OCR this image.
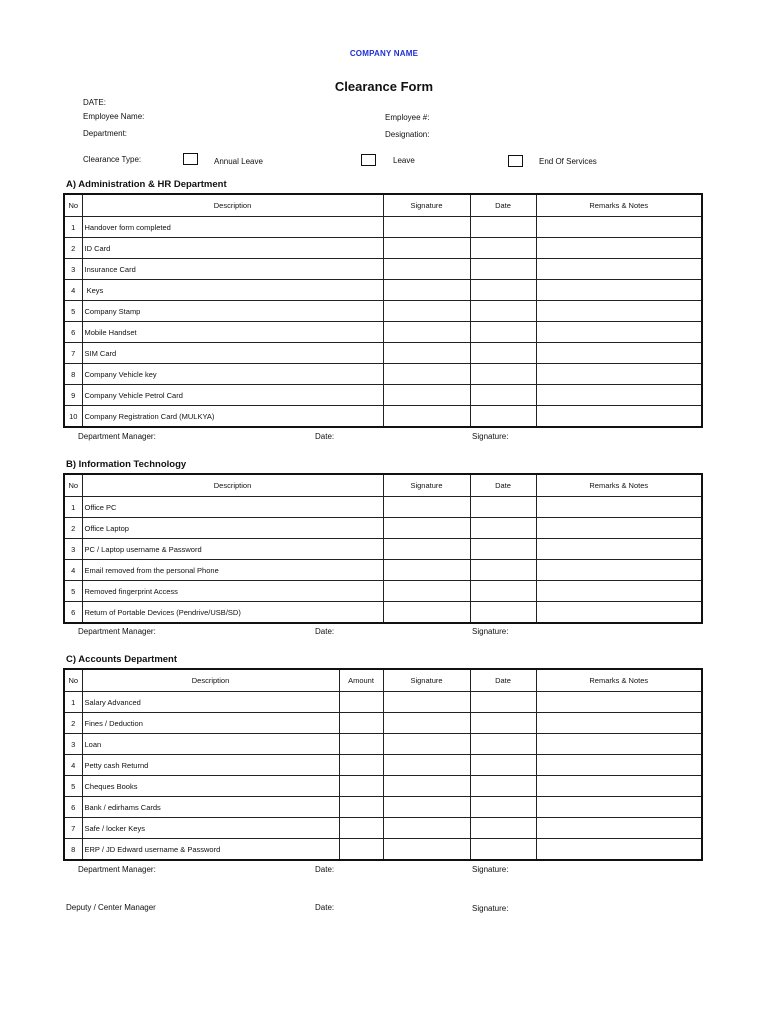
COMPANY NAME
Clearance Form
DATE:
Employee Name:	Employee #:
Department:	Designation:
Clearance Type:	Annual Leave	Leave	End Of Services
A) Administration & HR Department
No	Description	Signature	Date	Remarks & Notes
1	Handover form completed			
2	ID Card			
3	Insurance Card			
4	Keys			
5	Company Stamp			
6	Mobile Handset			
7	SIM Card			
8	Company Vehicle key			
9	Company Vehicle Petrol Card			
10	Company Registration Card (MULKYA)			
Department Manager:	Date:	Signature:
B) Information Technology
No	Description	Signature	Date	Remarks & Notes
1	Office PC			
2	Office Laptop			
3	PC / Laptop username & Password			
4	Email removed from the personal Phone			
5	Removed fingerprint Access			
6	Return of Portable Devices (Pendrive/USB/SD)			
Department Manager:	Date:	Signature:
C) Accounts Department
No	Description	Amount	Signature	Date	Remarks & Notes
1	Salary Advanced				
2	Fines / Deduction				
3	Loan				
4	Petty cash Returnd				
5	Cheques Books				
6	Bank / edirhams Cards				
7	Safe / locker Keys				
8	ERP / JD Edward username & Password				
Department Manager:	Date:	Signature:
Deputy / Center Manager	Date:	Signature:
